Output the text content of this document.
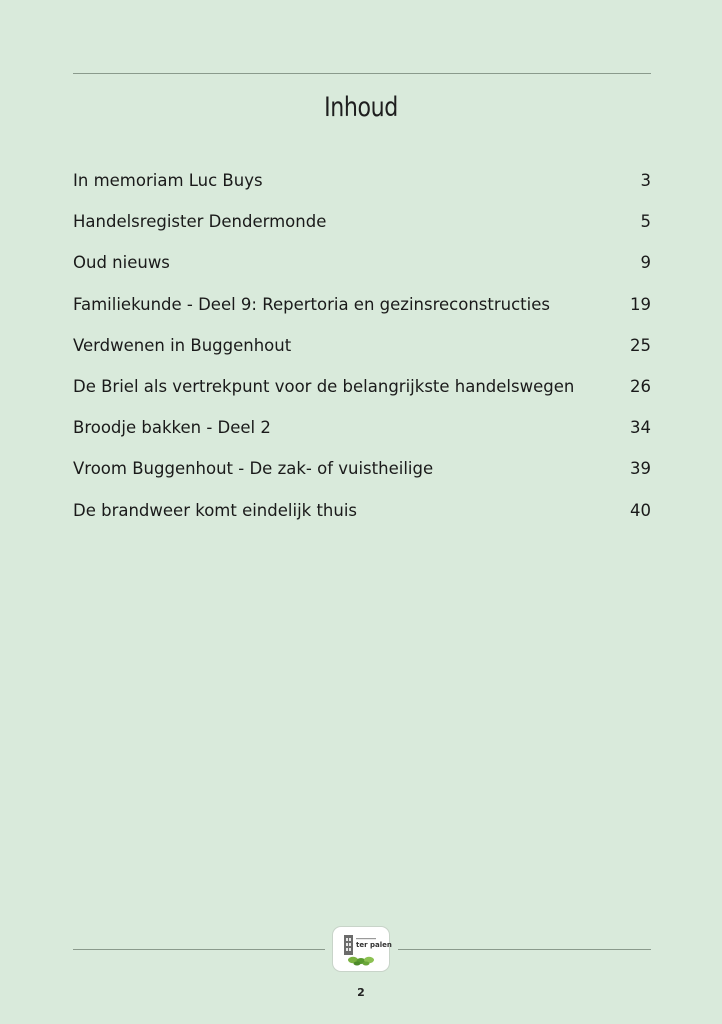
Inhoud
In memoriam Luc Buys	3
Handelsregister Dendermonde	5
Oud nieuws	9
Familiekunde - Deel 9: Repertoria en gezinsreconstructies	19
Verdwenen in Buggenhout	25
De Briel als vertrekpunt voor de belangrijkste handelswegen	26
Broodje bakken - Deel 2	34
Vroom Buggenhout - De zak- of vuistheilige	39
De brandweer komt eindelijk thuis	40
ter palen
2
